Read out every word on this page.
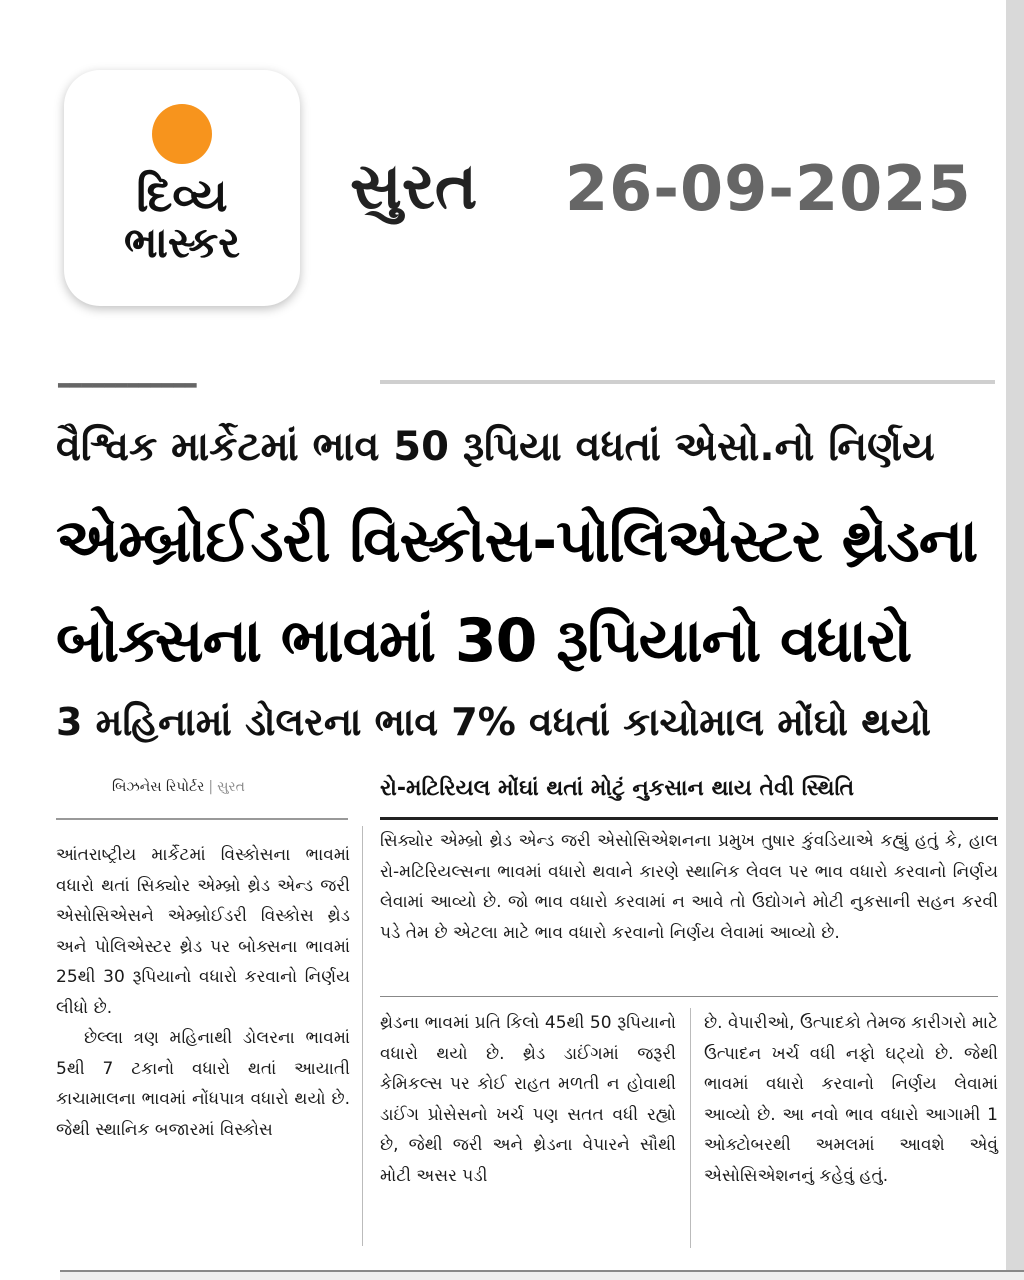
દિવ્ય
ભાસ્કર
સુરત 26-09-2025
▂▂▂▂▂▂▂▂▂▂▂▂
વૈશ્વિક માર્કેટમાં ભાવ 50 રૂપિયા વધતાં એસો.નો નિર્ણય
એમ્બ્રોઈડરી વિસ્કોસ-પોલિએસ્ટર થ્રેડના
બોક્સના ભાવમાં 30 રૂપિયાનો વધારો
3 મહિનામાં ડોલરના ભાવ 7% વધતાં કાચોમાલ મોંઘો થયો
બિઝનેસ રિપોર્ટર | સુરત	રો-મટિરિયલ મોંઘાં થતાં મોટું નુકસાન થાય તેવી સ્થિતિ

આંતરાષ્ટ્રીય માર્કેટમાં વિસ્કોસના ભાવમાં વધારો થતાં સિક્યોર એમ્બ્રો થ્રેડ એન્ડ જરી એસોસિએસને એમ્બ્રોઈડરી વિસ્કોસ થ્રેડ અને પોલિએસ્ટર થ્રેડ પર બોક્સના ભાવમાં 25થી 30 રૂપિયાનો વધારો કરવાનો નિર્ણય લીધો છે.

છેલ્લા ત્રણ મહિનાથી ડોલરના ભાવમાં 5થી 7 ટકાનો વધારો થતાં આયાતી કાચામાલના ભાવમાં નોંધપાત્ર વધારો થયો છે. જેથી સ્થાનિક બજારમાં વિસ્કોસ

સિક્યોર એમ્બ્રો થ્રેડ એન્ડ જરી એસોસિએશનના પ્રમુખ તુષાર કુંવડિયાએ કહ્યું હતું કે, હાલ રો-મટિરિયલ્સના ભાવમાં વધારો થવાને કારણે સ્થાનિક લેવલ પર ભાવ વધારો કરવાનો નિર્ણય લેવામાં આવ્યો છે. જો ભાવ વધારો કરવામાં ન આવે તો ઉદ્યોગને મોટી નુકસાની સહન કરવી પડે તેમ છે એટલા માટે ભાવ વધારો કરવાનો નિર્ણય લેવામાં આવ્યો છે.
થ્રેડના ભાવમાં પ્રતિ કિલો 45થી 50 રૂપિયાનો વધારો થયો છે. થ્રેડ ડાઈંગમાં જરૂરી કેમિકલ્સ પર કોઈ રાહત મળતી ન હોવાથી ડાઈંગ પ્રોસેસનો ખર્ચ પણ સતત વધી રહ્યો છે, જેથી જરી અને થ્રેડના વેપારને સૌથી મોટી અસર પડી
છે. વેપારીઓ, ઉત્પાદકો તેમજ કારીગરો માટે ઉત્પાદન ખર્ચ વધી નફો ઘટ્યો છે. જેથી ભાવમાં વધારો કરવાનો નિર્ણય લેવામાં આવ્યો છે. આ નવો ભાવ વધારો આગામી 1 ઓક્ટોબરથી અમલમાં આવશે એવું એસોસિએશનનું કહેવું હતું.
